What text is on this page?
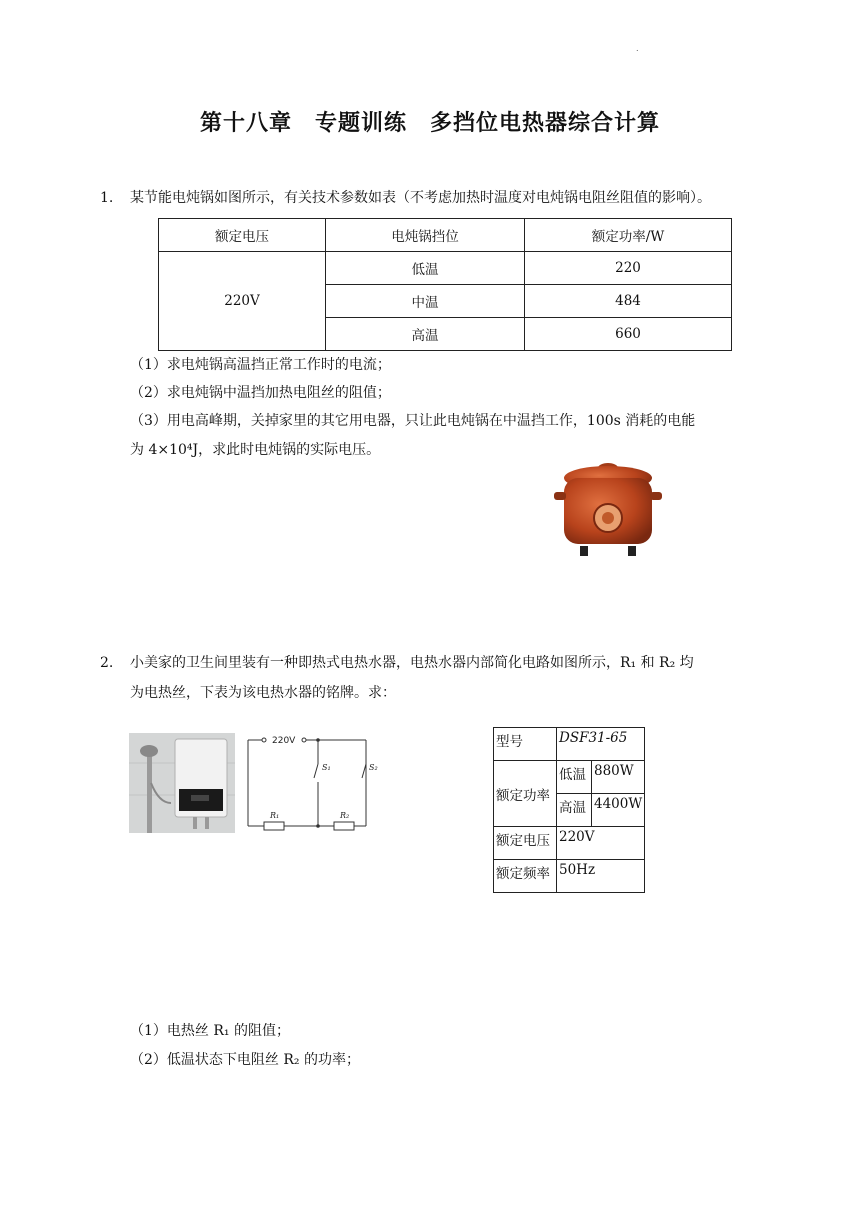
.
第十八章　专题训练　多挡位电热器综合计算
1. 某节能电炖锅如图所示，有关技术参数如表（不考虑加热时温度对电炖锅电阻丝阻值的影响）。
额定电压	电炖锅挡位	额定功率/W
220V	低温	220
	中温	484
	高温	660
（1）求电炖锅高温挡正常工作时的电流；
（2）求电炖锅中温挡加热电阻丝的阻值；
（3）用电高峰期，关掉家里的其它用电器，只让此电炖锅在中温挡工作，100s 消耗的电能
为 4×10⁴J，求此时电炖锅的实际电压。
2. 小美家的卫生间里装有一种即热式电热水器，电热水器内部简化电路如图所示，R₁ 和 R₂ 均
为电热丝，下表为该电热水器的铭牌。求：
220V
S₁	S₂
R₁	R₂
型号	DSF31-65	
额定功率	低温	880W
	高温	4400W
额定电压	220V	
额定频率	50Hz	
（1）电热丝 R₁ 的阻值；
（2）低温状态下电阻丝 R₂ 的功率；
